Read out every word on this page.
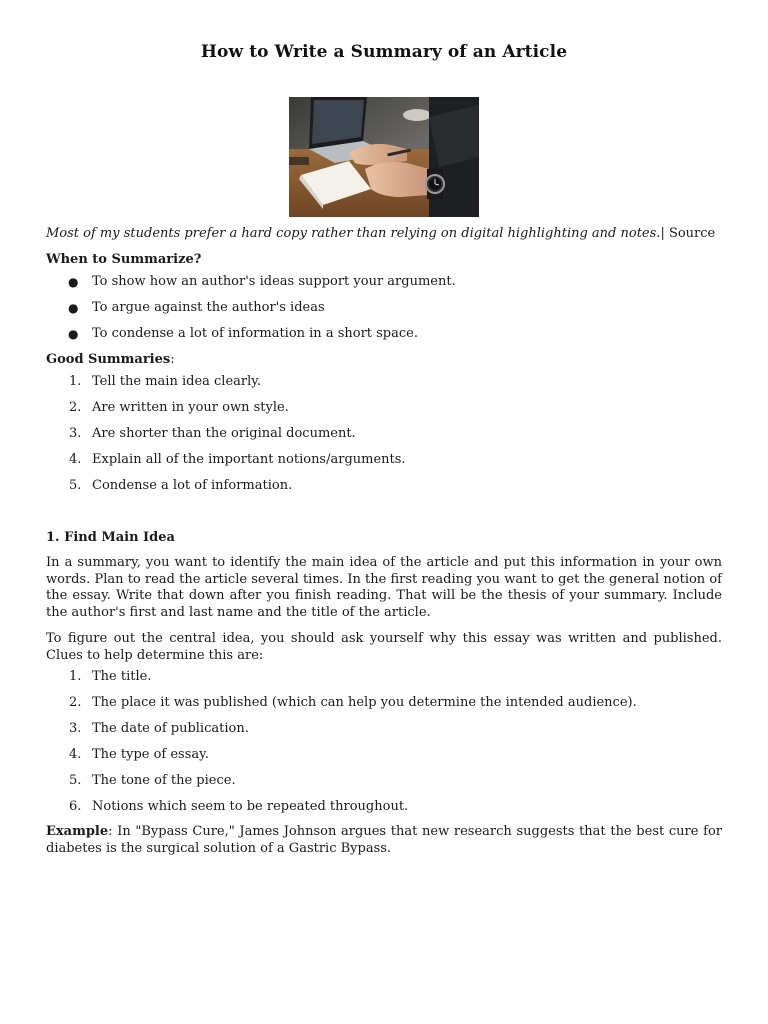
How to Write a Summary of an Article

Most of my students prefer a hard copy rather than relying on digital highlighting and notes.| Source

When to Summarize?

● To show how an author's ideas support your argument.
● To argue against the author's ideas
● To condense a lot of information in a short space.

Good Summaries:

1. Tell the main idea clearly.
2. Are written in your own style.
3. Are shorter than the original document.
4. Explain all of the important notions/arguments.
5. Condense a lot of information.

1. Find Main Idea

In a summary, you want to identify the main idea of the article and put this information in your own words. Plan to read the article several times. In the first reading you want to get the general notion of the essay. Write that down after you finish reading. That will be the thesis of your summary. Include the author's first and last name and the title of the article.

To figure out the central idea, you should ask yourself why this essay was written and published. Clues to help determine this are:

1. The title.
2. The place it was published (which can help you determine the intended audience).
3. The date of publication.
4. The type of essay.
5. The tone of the piece.
6. Notions which seem to be repeated throughout.

Example: In "Bypass Cure," James Johnson argues that new research suggests that the best cure for diabetes is the surgical solution of a Gastric Bypass.
